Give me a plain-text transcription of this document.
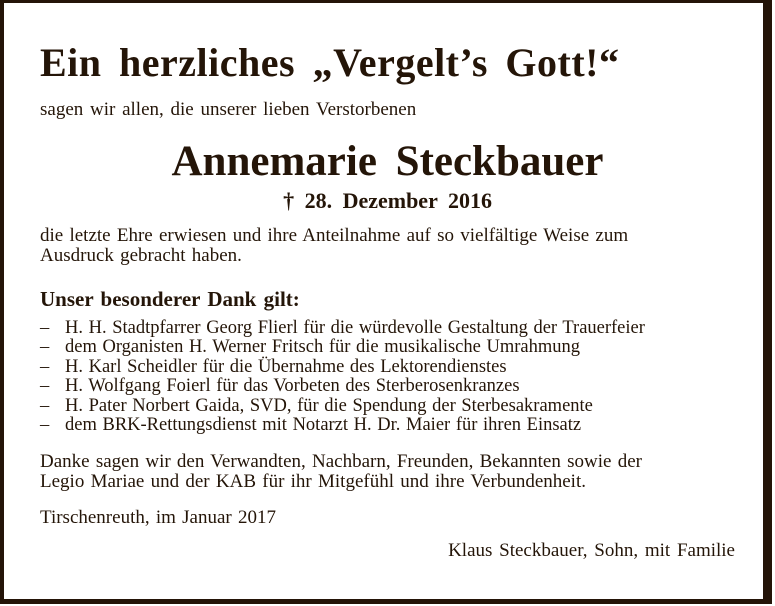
Ein herzliches „Vergelt’s Gott!“
sagen wir allen, die unserer lieben Verstorbenen
Annemarie Steckbauer
† 28. Dezember 2016
die letzte Ehre erwiesen und ihre Anteilnahme auf so vielfältige Weise zum Ausdruck gebracht haben.
Unser besonderer Dank gilt:
– H. H. Stadtpfarrer Georg Flierl für die würdevolle Gestaltung der Trauerfeier
– dem Organisten H. Werner Fritsch für die musikalische Umrahmung
– H. Karl Scheidler für die Übernahme des Lektorendienstes
– H. Wolfgang Foierl für das Vorbeten des Sterberosenkranzes
– H. Pater Norbert Gaida, SVD, für die Spendung der Sterbesakramente
– dem BRK-Rettungsdienst mit Notarzt H. Dr. Maier für ihren Einsatz
Danke sagen wir den Verwandten, Nachbarn, Freunden, Bekannten sowie der Legio Mariae und der KAB für ihr Mitgefühl und ihre Verbundenheit.
Tirschenreuth, im Januar 2017
Klaus Steckbauer, Sohn, mit Familie
